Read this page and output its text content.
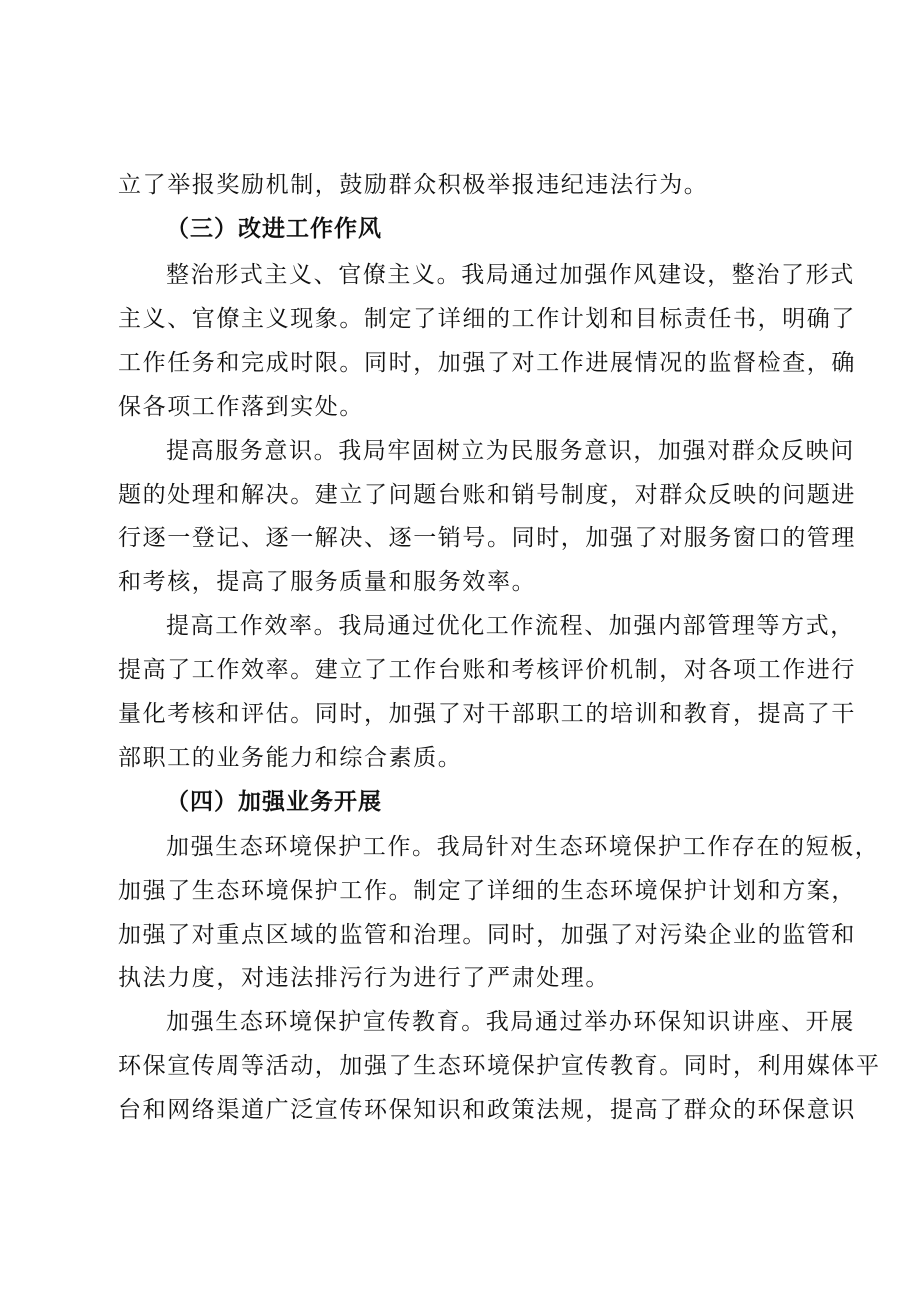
立了举报奖励机制，鼓励群众积极举报违纪违法行为。
（三）改进工作作风
整治形式主义、官僚主义。我局通过加强作风建设，整治了形式
主义、官僚主义现象。制定了详细的工作计划和目标责任书，明确了
工作任务和完成时限。同时，加强了对工作进展情况的监督检查，确
保各项工作落到实处。
提高服务意识。我局牢固树立为民服务意识，加强对群众反映问
题的处理和解决。建立了问题台账和销号制度，对群众反映的问题进
行逐一登记、逐一解决、逐一销号。同时，加强了对服务窗口的管理
和考核，提高了服务质量和服务效率。
提高工作效率。我局通过优化工作流程、加强内部管理等方式，
提高了工作效率。建立了工作台账和考核评价机制，对各项工作进行
量化考核和评估。同时，加强了对干部职工的培训和教育，提高了干
部职工的业务能力和综合素质。
（四）加强业务开展
加强生态环境保护工作。我局针对生态环境保护工作存在的短板，
加强了生态环境保护工作。制定了详细的生态环境保护计划和方案，
加强了对重点区域的监管和治理。同时，加强了对污染企业的监管和
执法力度，对违法排污行为进行了严肃处理。
加强生态环境保护宣传教育。我局通过举办环保知识讲座、开展
环保宣传周等活动，加强了生态环境保护宣传教育。同时，利用媒体平
台和网络渠道广泛宣传环保知识和政策法规，提高了群众的环保意识
